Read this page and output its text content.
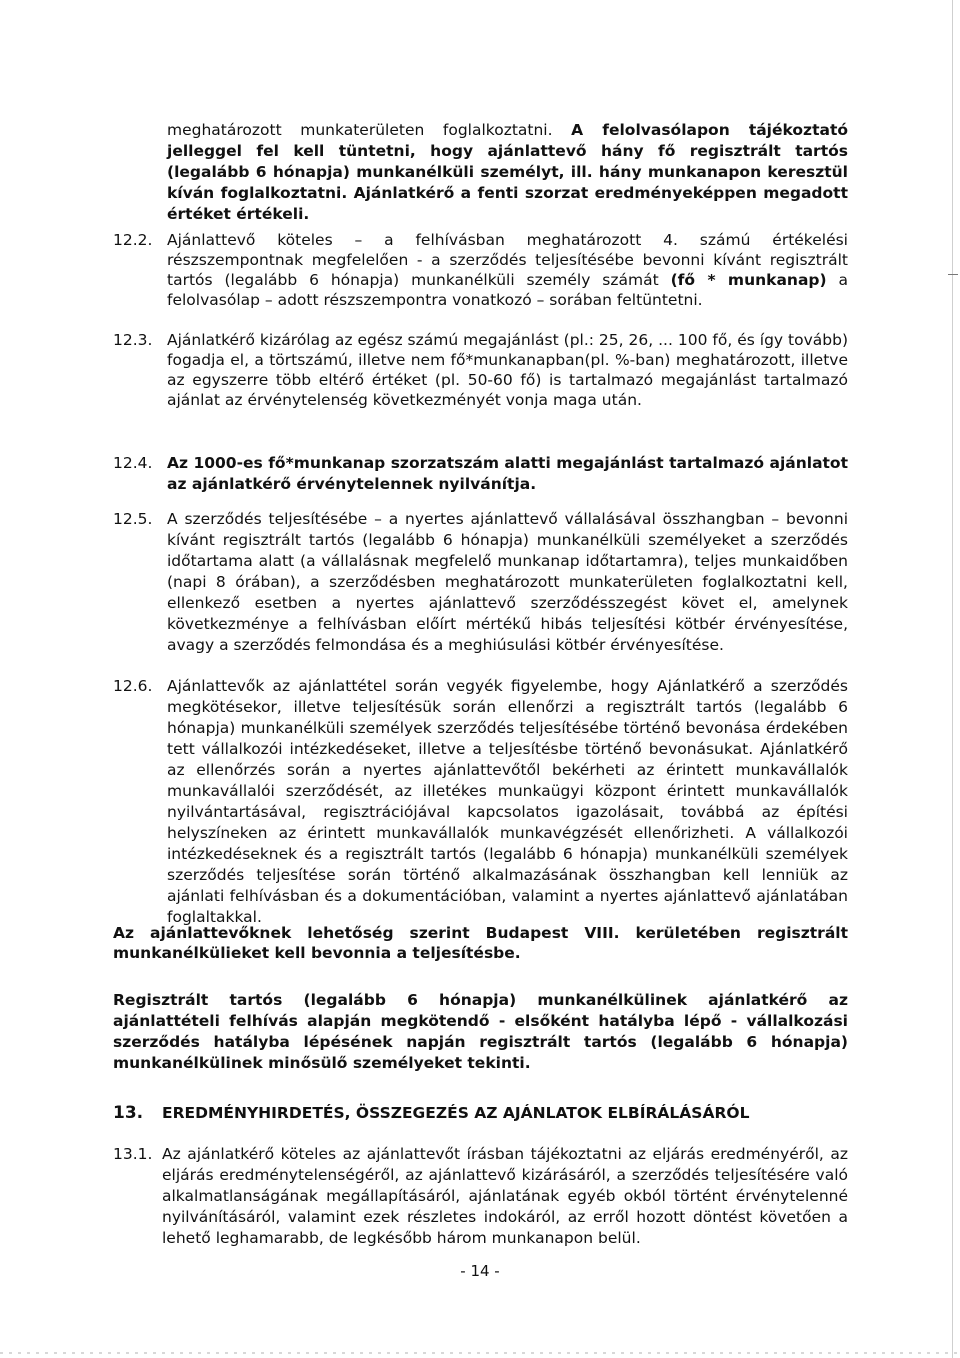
meghatározott munkaterületen foglalkoztatni. A felolvasólapon tájékoztató jelleggel fel kell tüntetni, hogy ajánlattevő hány fő regisztrált tartós (legalább 6 hónapja) munkanélküli személyt, ill. hány munkanapon keresztül kíván foglalkoztatni. Ajánlatkérő a fenti szorzat eredményeképpen megadott értéket értékeli.

12.2. Ajánlattevő köteles – a felhívásban meghatározott 4. számú értékelési részszempontnak megfelelően - a szerződés teljesítésébe bevonni kívánt regisztrált tartós (legalább 6 hónapja) munkanélküli személy számát (fő * munkanap) a felolvasólap – adott részszempontra vonatkozó – sorában feltüntetni.

12.3. Ajánlatkérő kizárólag az egész számú megajánlást (pl.: 25, 26, ... 100 fő, és így tovább) fogadja el, a törtszámú, illetve nem fő*munkanapban(pl. %-ban) meghatározott, illetve az egyszerre több eltérő értéket (pl. 50-60 fő) is tartalmazó megajánlást tartalmazó ajánlat az érvénytelenség következményét vonja maga után.

12.4. Az 1000-es fő*munkanap szorzatszám alatti megajánlást tartalmazó ajánlatot az ajánlatkérő érvénytelennek nyilvánítja.

12.5. A szerződés teljesítésébe – a nyertes ajánlattevő vállalásával összhangban – bevonni kívánt regisztrált tartós (legalább 6 hónapja) munkanélküli személyeket a szerződés időtartama alatt (a vállalásnak megfelelő munkanap időtartamra), teljes munkaidőben (napi 8 órában), a szerződésben meghatározott munkaterületen foglalkoztatni kell, ellenkező esetben a nyertes ajánlattevő szerződésszegést követ el, amelynek következménye a felhívásban előírt mértékű hibás teljesítési kötbér érvényesítése, avagy a szerződés felmondása és a meghiúsulási kötbér érvényesítése.

12.6. Ajánlattevők az ajánlattétel során vegyék figyelembe, hogy Ajánlatkérő a szerződés megkötésekor, illetve teljesítésük során ellenőrzi a regisztrált tartós (legalább 6 hónapja) munkanélküli személyek szerződés teljesítésébe történő bevonása érdekében tett vállalkozói intézkedéseket, illetve a teljesítésbe történő bevonásukat. Ajánlatkérő az ellenőrzés során a nyertes ajánlattevőtől bekérheti az érintett munkavállalók munkavállalói szerződését, az illetékes munkaügyi központ érintett munkavállalók nyilvántartásával, regisztrációjával kapcsolatos igazolásait, továbbá az építési helyszíneken az érintett munkavállalók munkavégzését ellenőrizheti. A vállalkozói intézkedéseknek és a regisztrált tartós (legalább 6 hónapja) munkanélküli személyek szerződés teljesítése során történő alkalmazásának összhangban kell lenniük az ajánlati felhívásban és a dokumentációban, valamint a nyertes ajánlattevő ajánlatában foglaltakkal.

Az ajánlattevőknek lehetőség szerint Budapest VIII. kerületében regisztrált munkanélkülieket kell bevonnia a teljesítésbe.

Regisztrált tartós (legalább 6 hónapja) munkanélkülinek ajánlatkérő az ajánlattételi felhívás alapján megkötendő - elsőként hatályba lépő - vállalkozási szerződés hatályba lépésének napján regisztrált tartós (legalább 6 hónapja) munkanélkülinek minősülő személyeket tekinti.

13. EREDMÉNYHIRDETÉS, ÖSSZEGEZÉS AZ AJÁNLATOK ELBÍRÁLÁSÁRÓL
13.1. Az ajánlatkérő köteles az ajánlattevőt írásban tájékoztatni az eljárás eredményéről, az eljárás eredménytelenségéről, az ajánlattevő kizárásáról, a szerződés teljesítésére való alkalmatlanságának megállapításáról, ajánlatának egyéb okból történt érvénytelenné nyilvánításáról, valamint ezek részletes indokáról, az erről hozott döntést követően a lehető leghamarabb, de legkésőbb három munkanapon belül.

- 14 -
